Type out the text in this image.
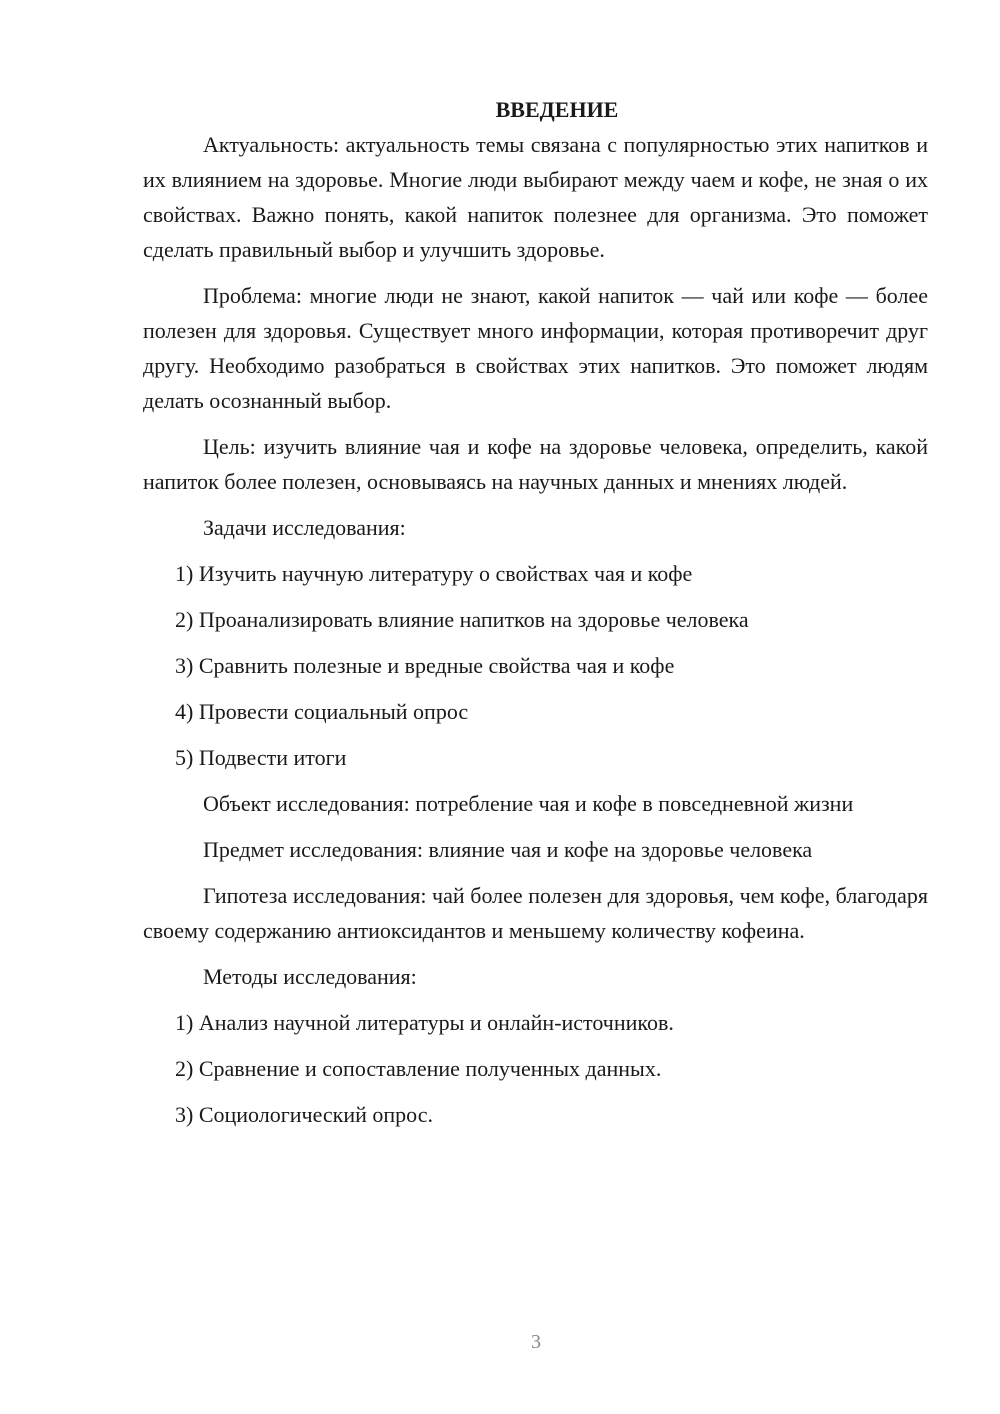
ВВЕДЕНИЕ

Актуальность: актуальность темы связана с популярностью этих напитков и их влиянием на здоровье. Многие люди выбирают между чаем и кофе, не зная о их свойствах. Важно понять, какой напиток полезнее для организма. Это поможет сделать правильный выбор и улучшить здоровье.

Проблема: многие люди не знают, какой напиток — чай или кофе — более полезен для здоровья. Существует много информации, которая противоречит друг другу. Необходимо разобраться в свойствах этих напитков. Это поможет людям делать осознанный выбор.

Цель: изучить влияние чая и кофе на здоровье человека, определить, какой напиток более полезен, основываясь на научных данных и мнениях людей.

Задачи исследования:

1) Изучить научную литературу о свойствах чая и кофе
2) Проанализировать влияние напитков на здоровье человека
3) Сравнить полезные и вредные свойства чая и кофе
4) Провести социальный опрос
5) Подвести итоги

Объект исследования: потребление чая и кофе в повседневной жизни

Предмет исследования: влияние чая и кофе на здоровье человека

Гипотеза исследования: чай более полезен для здоровья, чем кофе, благодаря своему содержанию антиоксидантов и меньшему количеству кофеина.

Методы исследования:

1) Анализ научной литературы и онлайн-источников.
2) Сравнение и сопоставление полученных данных.
3) Социологический опрос.
3
